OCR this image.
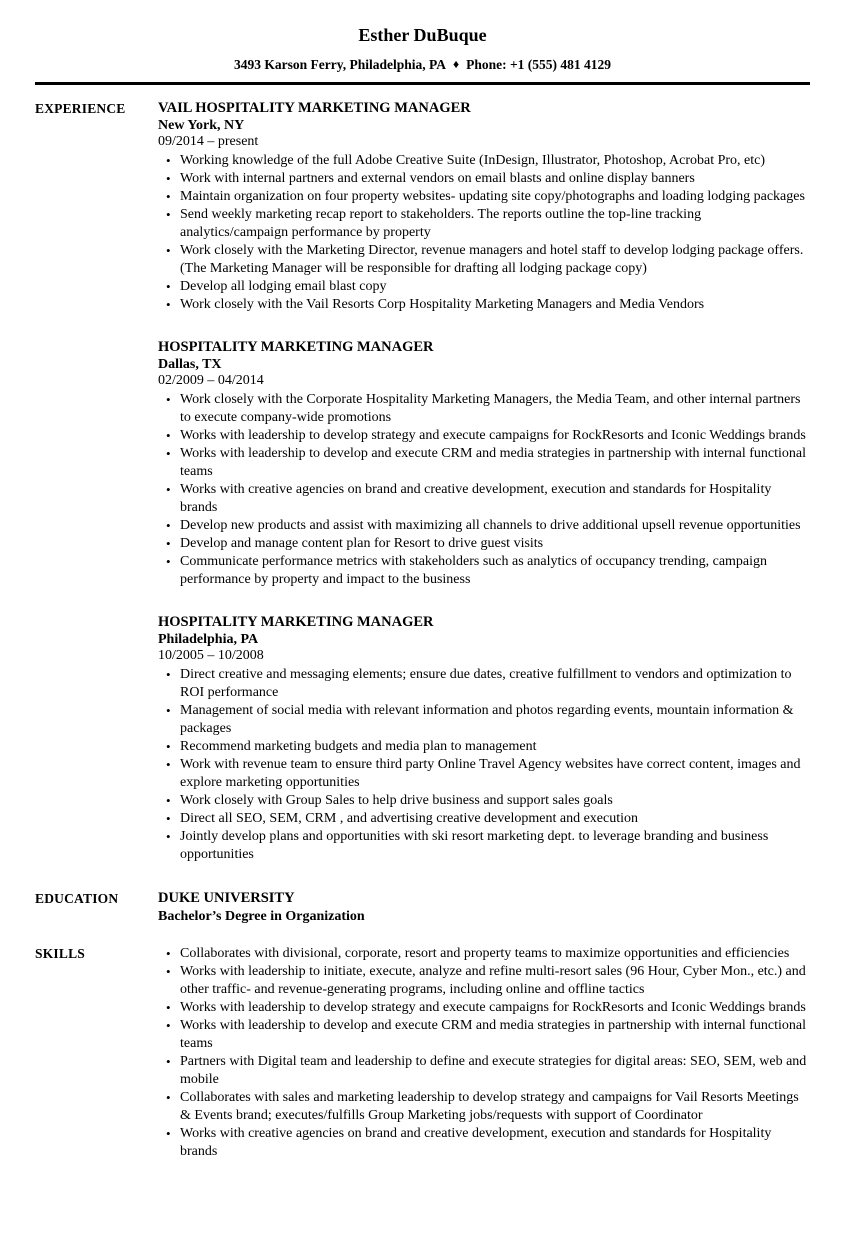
Esther DuBuque
3493 Karson Ferry, Philadelphia, PA ♦ Phone: +1 (555) 481 4129
EXPERIENCE	VAIL HOSPITALITY MARKETING MANAGER
New York, NY
09/2014 – present
• Working knowledge of the full Adobe Creative Suite (InDesign, Illustrator, Photoshop, Acrobat Pro, etc)
• Work with internal partners and external vendors on email blasts and online display banners
• Maintain organization on four property websites- updating site copy/photographs and loading lodging packages
• Send weekly marketing recap report to stakeholders. The reports outline the top-line tracking analytics/campaign performance by property
• Work closely with the Marketing Director, revenue managers and hotel staff to develop lodging package offers. (The Marketing Manager will be responsible for drafting all lodging package copy)
• Develop all lodging email blast copy
• Work closely with the Vail Resorts Corp Hospitality Marketing Managers and Media Vendors
HOSPITALITY MARKETING MANAGER
Dallas, TX
02/2009 – 04/2014
• Work closely with the Corporate Hospitality Marketing Managers, the Media Team, and other internal partners to execute company-wide promotions
• Works with leadership to develop strategy and execute campaigns for RockResorts and Iconic Weddings brands
• Works with leadership to develop and execute CRM and media strategies in partnership with internal functional teams
• Works with creative agencies on brand and creative development, execution and standards for Hospitality brands
• Develop new products and assist with maximizing all channels to drive additional upsell revenue opportunities
• Develop and manage content plan for Resort to drive guest visits
• Communicate performance metrics with stakeholders such as analytics of occupancy trending, campaign performance by property and impact to the business
HOSPITALITY MARKETING MANAGER
Philadelphia, PA
10/2005 – 10/2008
• Direct creative and messaging elements; ensure due dates, creative fulfillment to vendors and optimization to ROI performance
• Management of social media with relevant information and photos regarding events, mountain information & packages
• Recommend marketing budgets and media plan to management
• Work with revenue team to ensure third party Online Travel Agency websites have correct content, images and explore marketing opportunities
• Work closely with Group Sales to help drive business and support sales goals
• Direct all SEO, SEM, CRM , and advertising creative development and execution
• Jointly develop plans and opportunities with ski resort marketing dept. to leverage branding and business opportunities
EDUCATION	DUKE UNIVERSITY
Bachelor’s Degree in Organization
SKILLS	• Collaborates with divisional, corporate, resort and property teams to maximize opportunities and efficiencies
• Works with leadership to initiate, execute, analyze and refine multi-resort sales (96 Hour, Cyber Mon., etc.) and other traffic- and revenue-generating programs, including online and offline tactics
• Works with leadership to develop strategy and execute campaigns for RockResorts and Iconic Weddings brands
• Works with leadership to develop and execute CRM and media strategies in partnership with internal functional teams
• Partners with Digital team and leadership to define and execute strategies for digital areas: SEO, SEM, web and mobile
• Collaborates with sales and marketing leadership to develop strategy and campaigns for Vail Resorts Meetings & Events brand; executes/fulfills Group Marketing jobs/requests with support of Coordinator
• Works with creative agencies on brand and creative development, execution and standards for Hospitality brands
